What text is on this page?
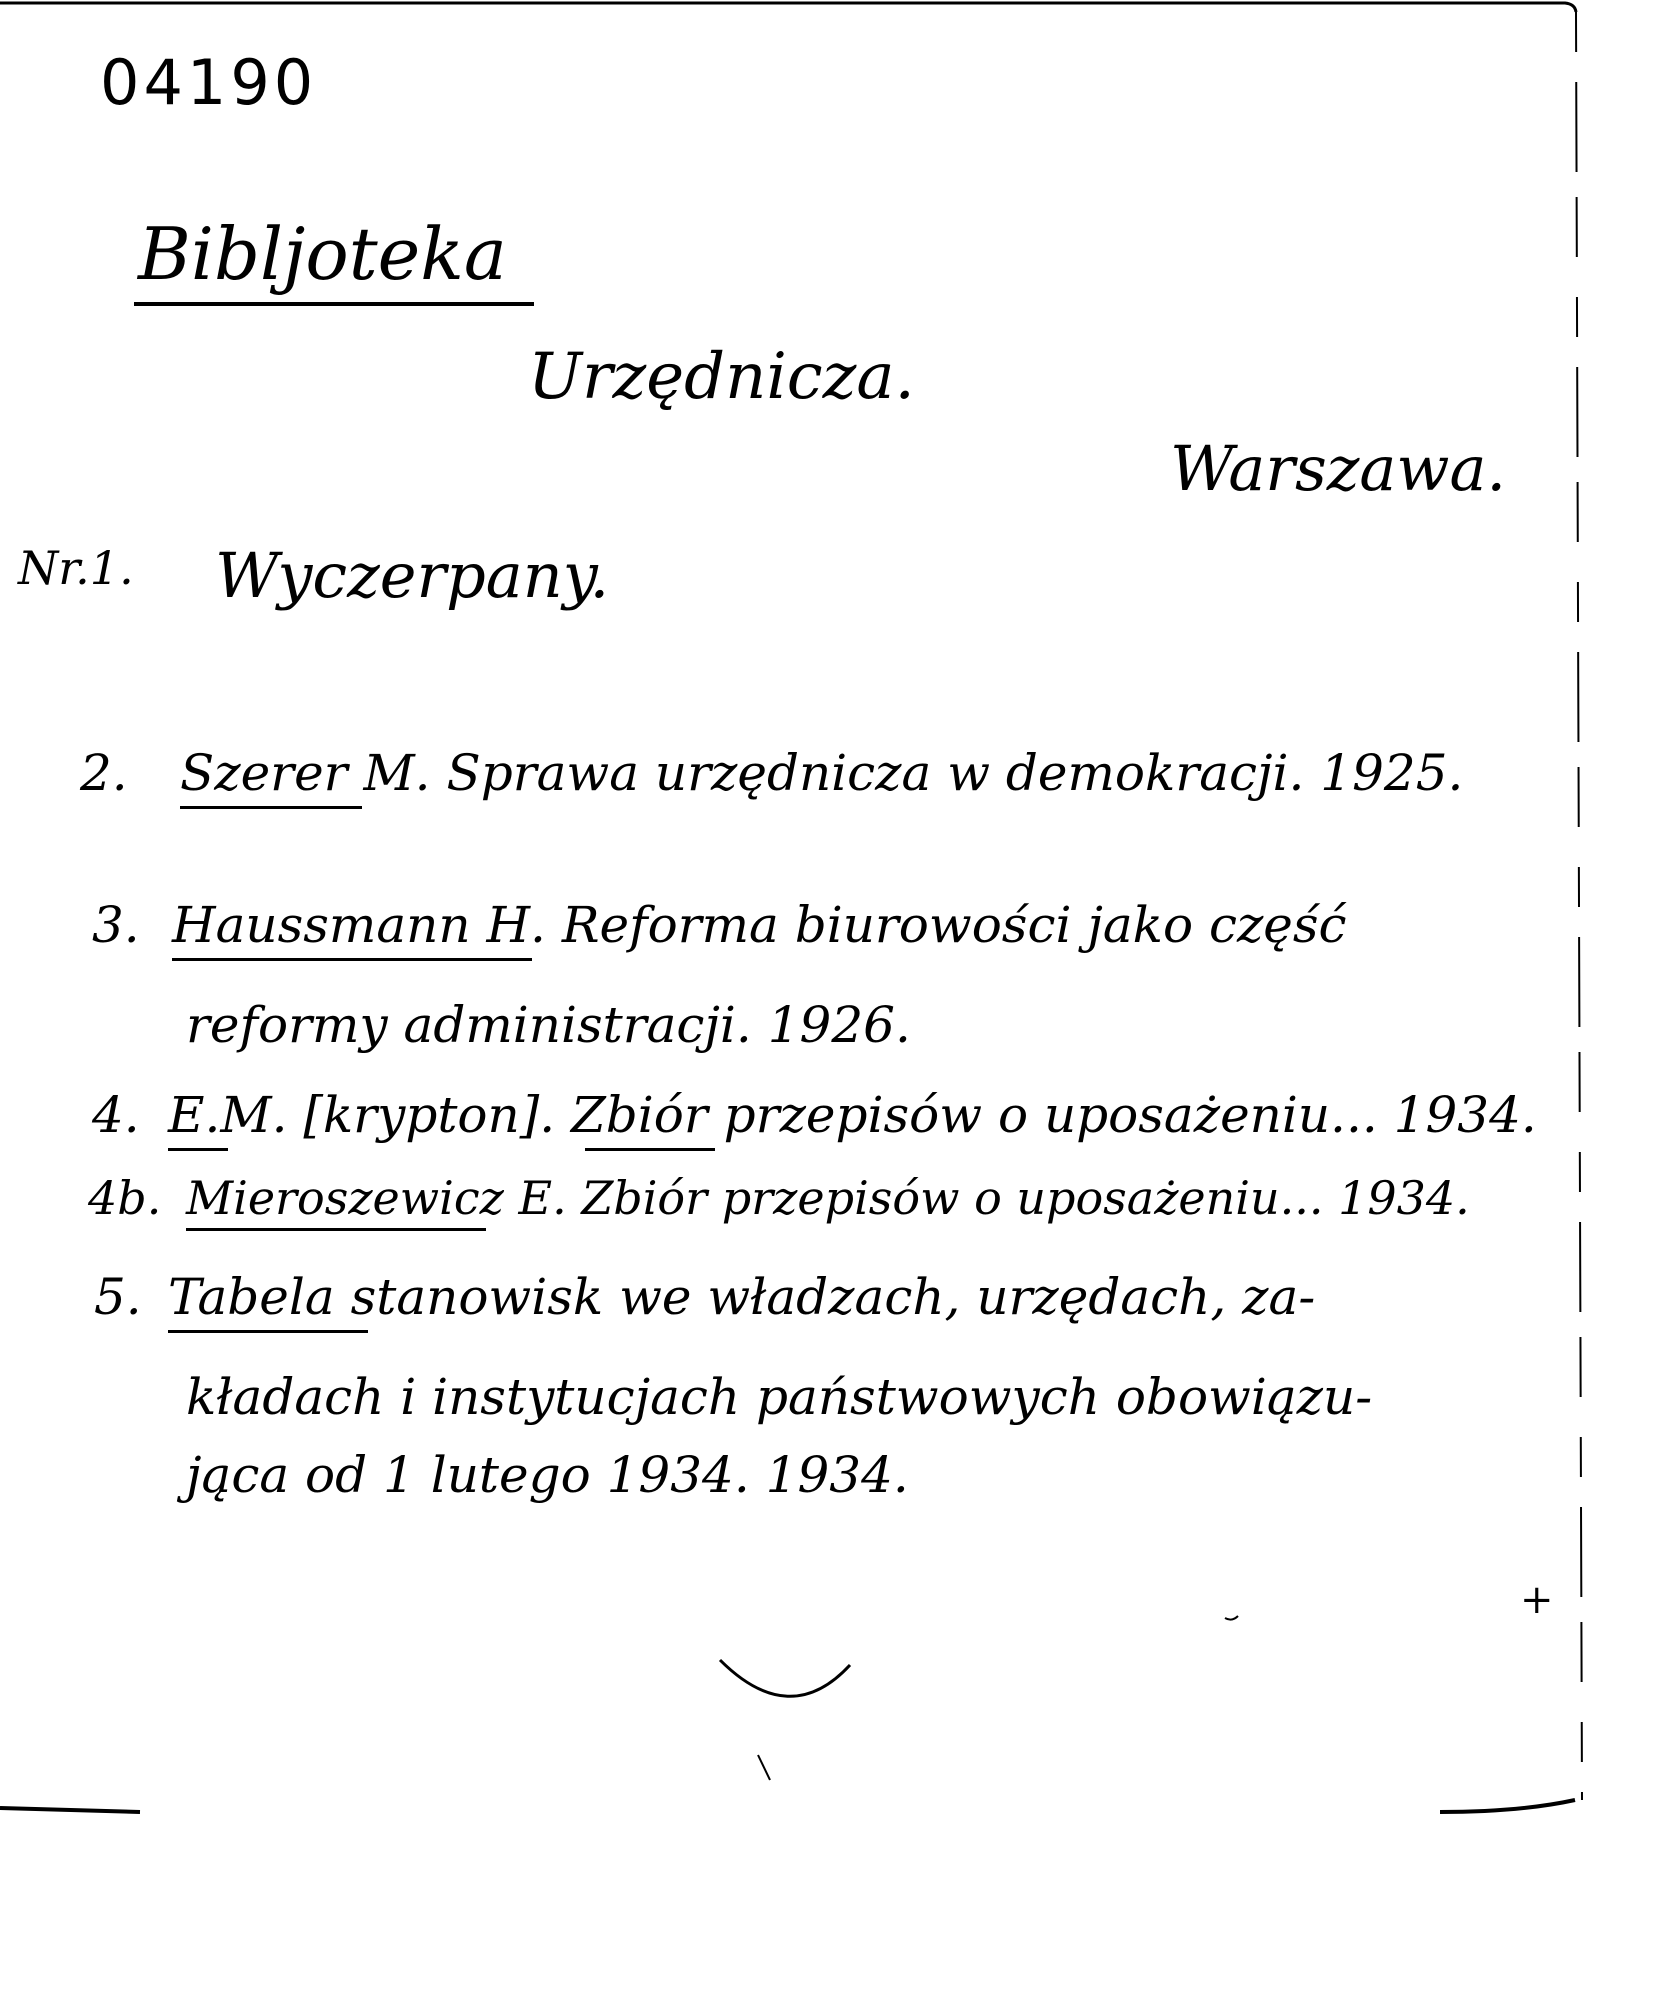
04190
Bibljoteka
Urzędnicza.
Warszawa.
Nr.1. Wyczerpany.
2. Szerer M. Sprawa urzędnicza w demokracji. 1925.
3. Haussmann H. Reforma biurowości jako część
reformy administracji. 1926.
4. E.M. [krypton]. Zbiór przepisów o uposażeniu... 1934.
4b. Mieroszewicz E. Zbiór przepisów o uposażeniu... 1934.
5. Tabela stanowisk we władzach, urzędach, za-
kładach i instytucjach państwowych obowiązu-
jąca od 1 lutego 1934. 1934.
+
